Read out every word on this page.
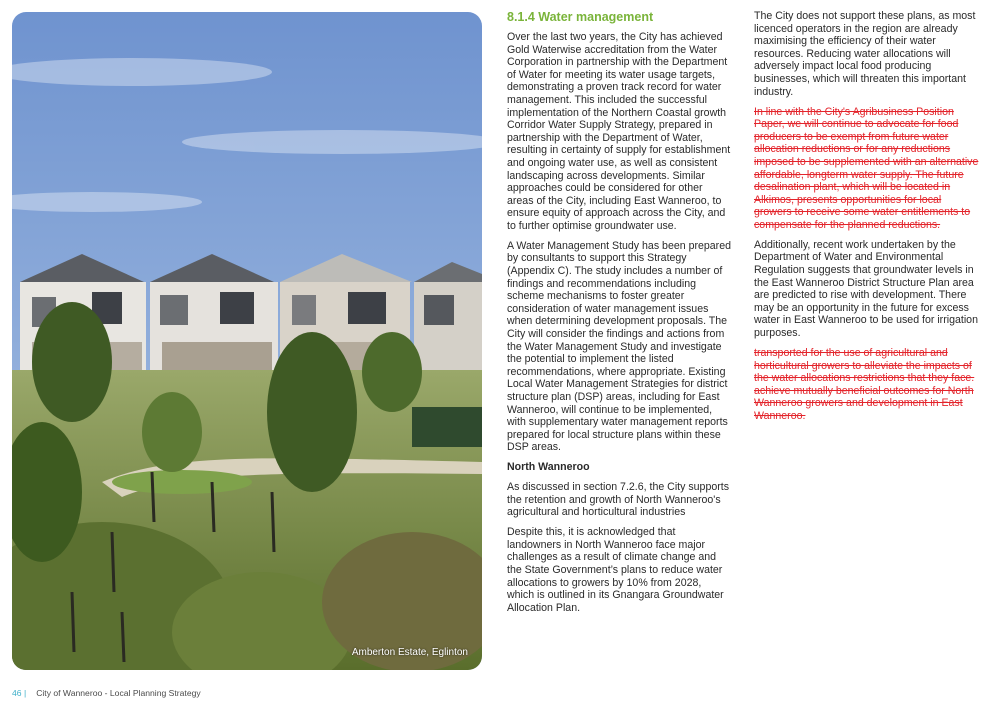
Amberton Estate, Eglinton
8.1.4 Water management

Over the last two years, the City has achieved Gold Waterwise accreditation from the Water Corporation in partnership with the Department of Water for meeting its water usage targets, demonstrating a proven track record for water management. This included the successful implementation of the Northern Coastal growth Corridor Water Supply Strategy, prepared in partnership with the Department of Water, resulting in certainty of supply for establishment and ongoing water use, as well as consistent landscaping across developments. Similar approaches could be considered for other areas of the City, including East Wanneroo, to ensure equity of approach across the City, and to further optimise groundwater use.

A Water Management Study has been prepared by consultants to support this Strategy (Appendix C). The study includes a number of findings and recommendations including scheme mechanisms to foster greater consideration of water management issues when determining development proposals. The City will consider the findings and actions from the Water Management Study and investigate the potential to implement the listed recommendations, where appropriate. Existing Local Water Management Strategies for district structure plan (DSP) areas, including for East Wanneroo, will continue to be implemented, with supplementary water management reports prepared for local structure plans within these DSP areas.

North Wanneroo

As discussed in section 7.2.6, the City supports the retention and growth of North Wanneroo's agricultural and horticultural industries

Despite this, it is acknowledged that landowners in North Wanneroo face major challenges as a result of climate change and the State Government’s plans to reduce water allocations to growers by 10% from 2028, which is outlined in its Gnangara Groundwater Allocation Plan.

The City does not support these plans, as most licenced operators in the region are already maximising the efficiency of their water resources. Reducing water allocations will adversely impact local food producing businesses, which will threaten this important industry.

In line with the City's Agribusiness Position Paper, we will continue to advocate for food producers to be exempt from future water allocation reductions or for any reductions imposed to be supplemented with an alternative affordable, longterm water supply. The future desalination plant, which will be located in Alkimos, presents opportunities for local growers to receive some water entitlements to compensate for the planned reductions.

Additionally, recent work undertaken by the Department of Water and Environmental Regulation suggests that groundwater levels in the East Wanneroo District Structure Plan area are predicted to rise with development. There may be an opportunity in the future for excess water in East Wanneroo to be used for irrigation purposes.

transported for the use of agricultural and horticultural growers to alleviate the impacts of the water allocations restrictions that they face. achieve mutually beneficial outcomes for North Wanneroo growers and development in East Wanneroo.

46 | City of Wanneroo - Local Planning Strategy
